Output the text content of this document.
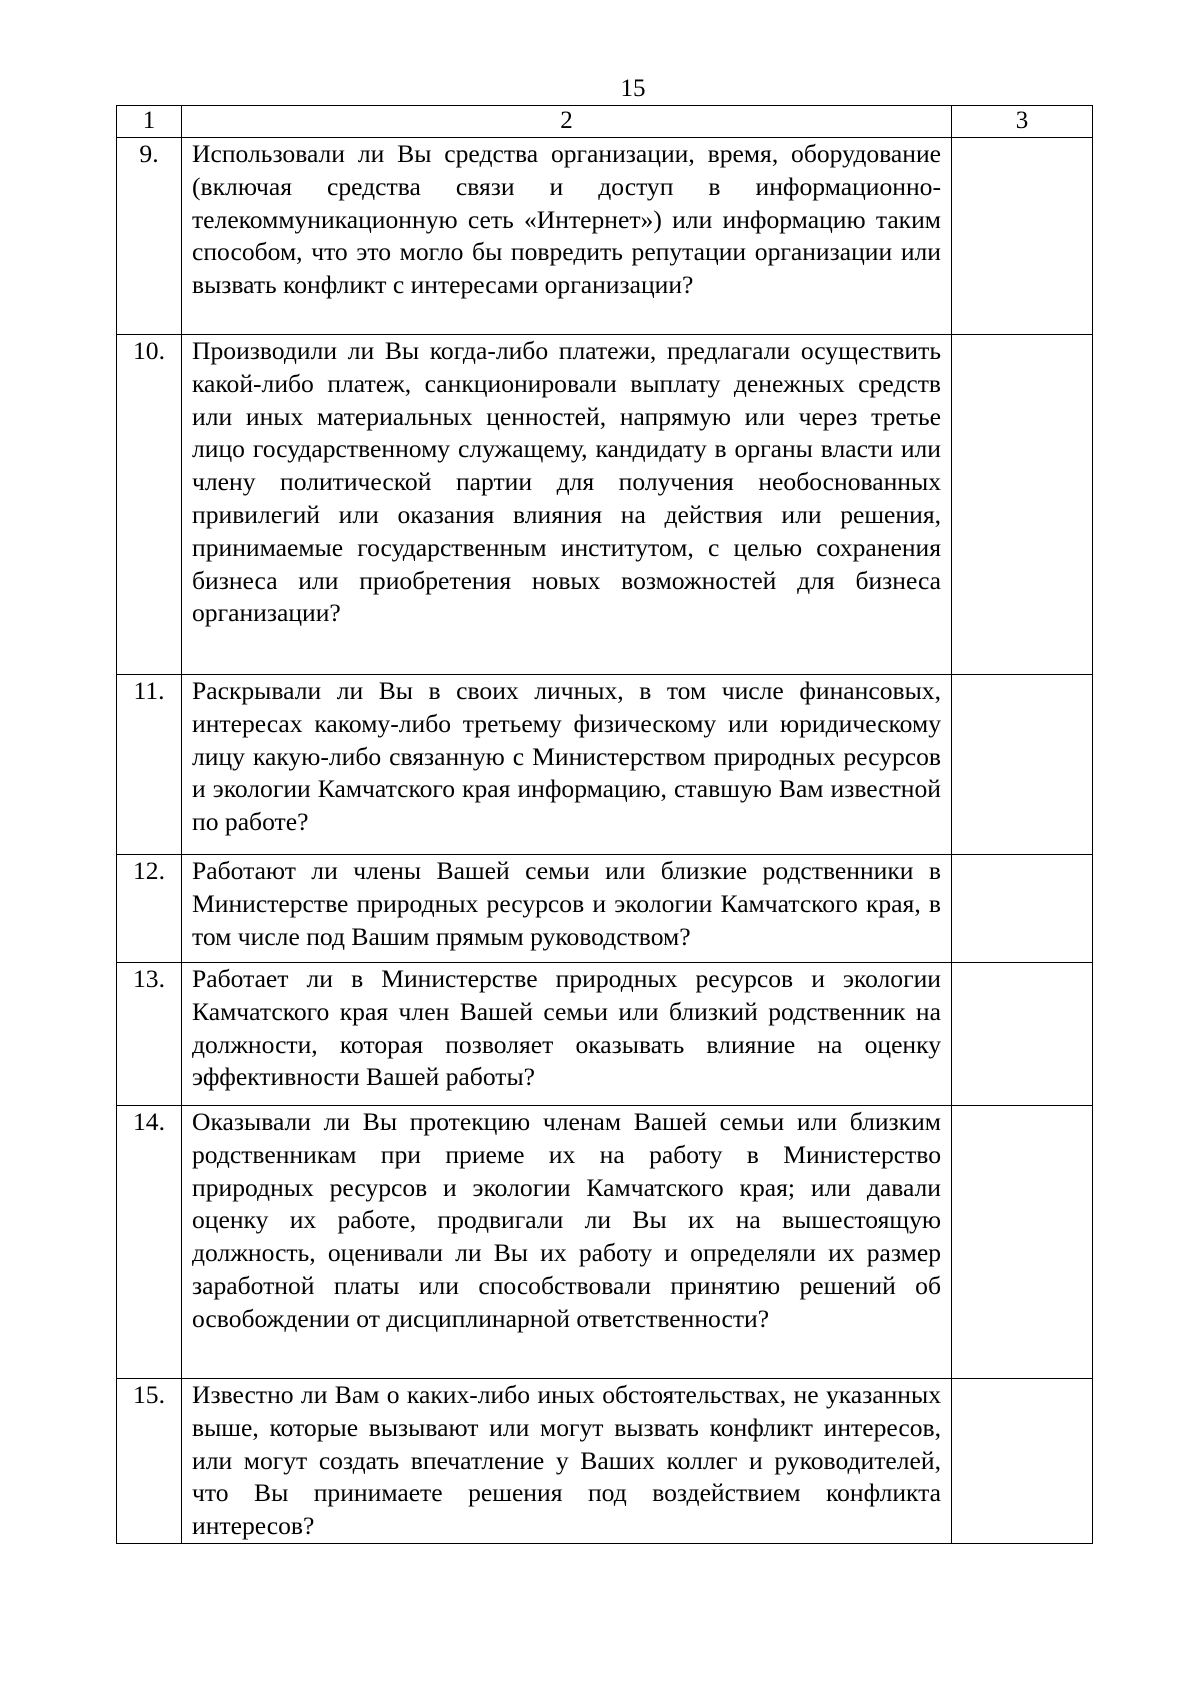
15
1	2	3
9.	Использовали ли Вы средства организации, время, оборудование (включая средства связи и доступ в информационно-телекоммуникационную сеть «Интернет») или информацию таким способом, что это могло бы повредить репутации организации или вызвать конфликт с интересами организации?	
10.	Производили ли Вы когда-либо платежи, предлагали осуществить какой-либо платеж, санкционировали выплату денежных средств или иных материальных ценностей, напрямую или через третье лицо государственному служащему, кандидату в органы власти или члену политической партии для получения необоснованных привилегий или оказания влияния на действия или решения, принимаемые государственным институтом, с целью сохранения бизнеса или приобретения новых возможностей для бизнеса организации?	
11.	Раскрывали ли Вы в своих личных, в том числе финансовых, интересах какому-либо третьему физическому или юридическому лицу какую-либо связанную с Министерством природных ресурсов и экологии Камчатского края информацию, ставшую Вам известной по работе?	
12.	Работают ли члены Вашей семьи или близкие родственники в Министерстве природных ресурсов и экологии Камчатского края, в том числе под Вашим прямым руководством?	
13.	Работает ли в Министерстве природных ресурсов и экологии Камчатского края член Вашей семьи или близкий родственник на должности, которая позволяет оказывать влияние на оценку эффективности Вашей работы?	
14.	Оказывали ли Вы протекцию членам Вашей семьи или близким родственникам при приеме их на работу в Министерство природных ресурсов и экологии Камчатского края; или давали оценку их работе, продвигали ли Вы их на вышестоящую должность, оценивали ли Вы их работу и определяли их размер заработной платы или способствовали принятию решений об освобождении от дисциплинарной ответственности?	
15.	Известно ли Вам о каких-либо иных обстоятельствах, не указанных выше, которые вызывают или могут вызвать конфликт интересов, или могут создать впечатление у Ваших коллег и руководителей, что Вы принимаете решения под воздействием конфликта интересов?	
